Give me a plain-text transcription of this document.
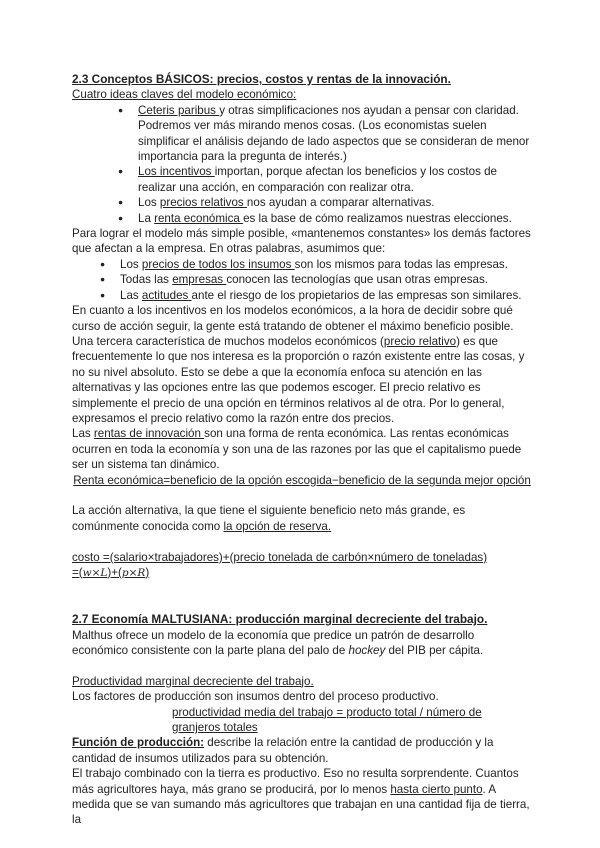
2.3 Conceptos BÁSICOS: precios, costos y rentas de la innovación.

Cuatro ideas claves del modelo económico:

● Ceteris paribus y otras simplificaciones nos ayudan a pensar con claridad. Podremos ver más mirando menos cosas. (Los economistas suelen simplificar el análisis dejando de lado aspectos que se consideran de menor importancia para la pregunta de interés.)
● Los incentivos importan, porque afectan los beneficios y los costos de realizar una acción, en comparación con realizar otra.
● Los precios relativos nos ayudan a comparar alternativas.
● La renta económica es la base de cómo realizamos nuestras elecciones.

Para lograr el modelo más simple posible, «mantenemos constantes» los demás factores que afectan a la empresa. En otras palabras, asumimos que:

● Los precios de todos los insumos son los mismos para todas las empresas.
● Todas las empresas conocen las tecnologías que usan otras empresas.
● Las actitudes ante el riesgo de los propietarios de las empresas son similares.

En cuanto a los incentivos en los modelos económicos, a la hora de decidir sobre qué curso de acción seguir, la gente está tratando de obtener el máximo beneficio posible.

Una tercera característica de muchos modelos económicos (precio relativo) es que frecuentemente lo que nos interesa es la proporción o razón existente entre las cosas, y no su nivel absoluto. Esto se debe a que la economía enfoca su atención en las alternativas y las opciones entre las que podemos escoger. El precio relativo es simplemente el precio de una opción en términos relativos al de otra. Por lo general, expresamos el precio relativo como la razón entre dos precios.

Las rentas de innovación son una forma de renta económica. Las rentas económicas ocurren en toda la economía y son una de las razones por las que el capitalismo puede ser un sistema tan dinámico.

Renta económica=beneficio de la opción escogida−beneficio de la segunda mejor opción

La acción alternativa, la que tiene el siguiente beneficio neto más grande, es comúnmente conocida como la opción de reserva.

costo =(salario×trabajadores)+(precio tonelada de carbón×número de toneladas)

=(w×L)+(p×R)

2.7 Economía MALTUSIANA: producción marginal decreciente del trabajo.

Malthus ofrece un modelo de la economía que predice un patrón de desarrollo económico consistente con la parte plana del palo de hockey del PIB per cápita.

Productividad marginal decreciente del trabajo.

Los factores de producción son insumos dentro del proceso productivo.

productividad media del trabajo = producto total / número de granjeros totales

Función de producción: describe la relación entre la cantidad de producción y la cantidad de insumos utilizados para su obtención.

El trabajo combinado con la tierra es productivo. Eso no resulta sorprendente. Cuantos más agricultores haya, más grano se producirá, por lo menos hasta cierto punto. A medida que se van sumando más agricultores que trabajan en una cantidad fija de tierra, la
